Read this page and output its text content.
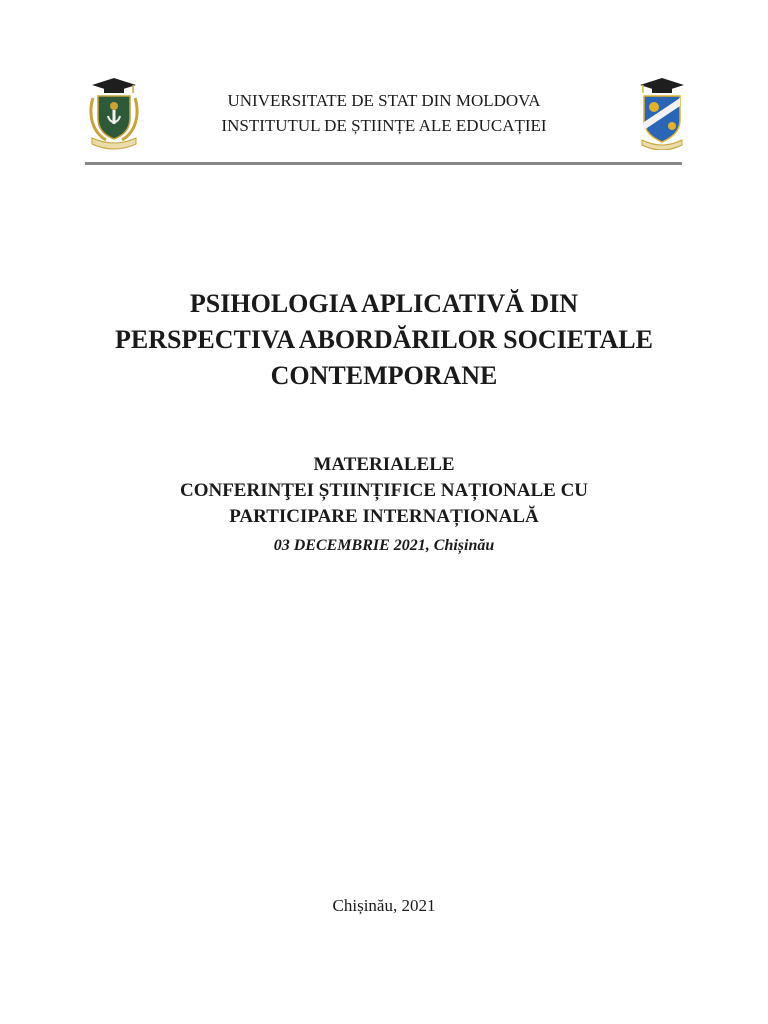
UNIVERSITATE DE STAT DIN MOLDOVA
INSTITUTUL DE ȘTIINȚE ALE EDUCAȚIEI
PSIHOLOGIA APLICATIVĂ DIN
PERSPECTIVA ABORDĂRILOR SOCIETALE
CONTEMPORANE
MATERIALELE
CONFERINŢEI ȘTIINȚIFICE NAȚIONALE CU
PARTICIPARE INTERNAȚIONALĂ
03 DECEMBRIE 2021, Chișinău
Chișinău, 2021
